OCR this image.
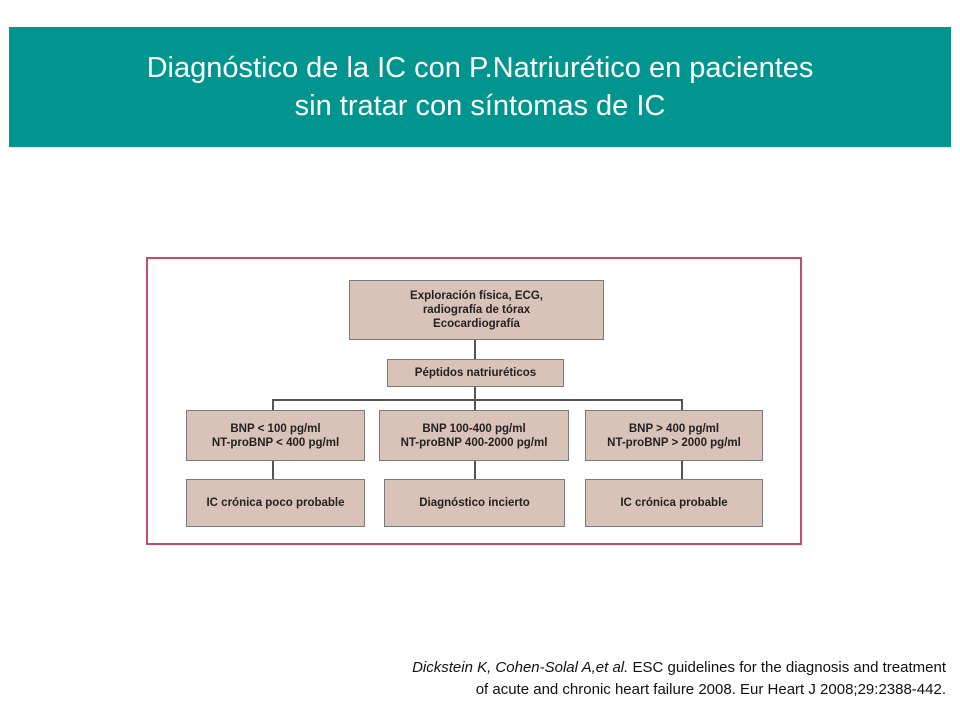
Diagnóstico de la IC con P.Natriurético en pacientes
sin tratar con síntomas de IC
Exploración física, ECG,
radiografía de tórax
Ecocardiografía
Péptidos natriuréticos
BNP < 100 pg/ml
NT-proBNP < 400 pg/ml
BNP 100-400 pg/ml
NT-proBNP 400-2000 pg/ml
BNP > 400 pg/ml
NT-proBNP > 2000 pg/ml
IC crónica poco probable	Diagnóstico incierto	IC crónica probable
Dickstein K, Cohen-Solal A,et al. ESC guidelines for the diagnosis and treatment
of acute and chronic heart failure 2008. Eur Heart J 2008;29:2388-442.
